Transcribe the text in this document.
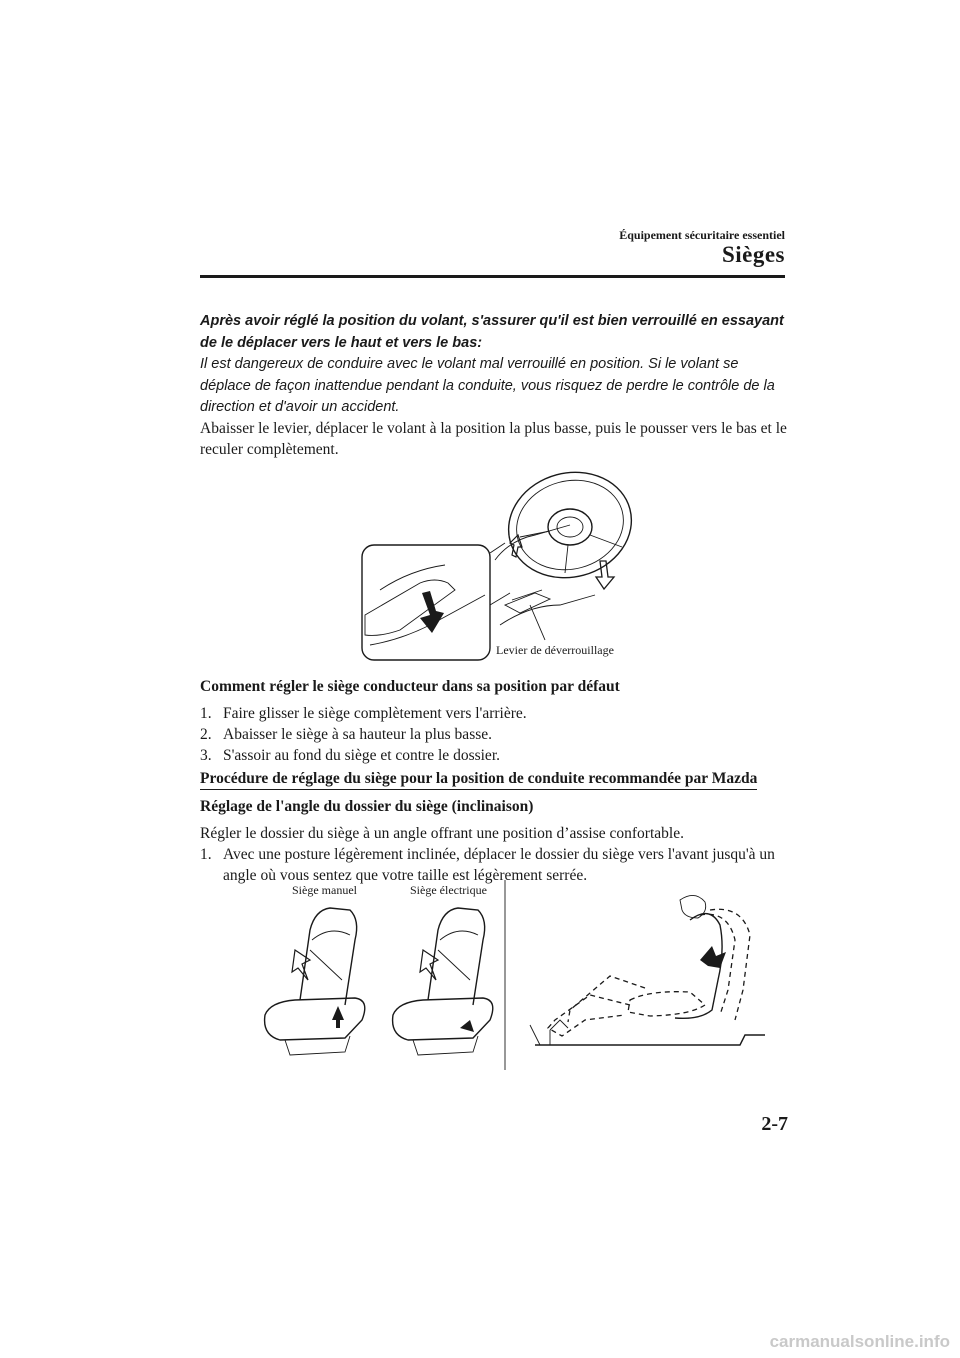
Équipement sécuritaire essentiel
Sièges
Après avoir réglé la position du volant, s'assurer qu'il est bien verrouillé en essayant de le déplacer vers le haut et vers le bas:
Il est dangereux de conduire avec le volant mal verrouillé en position. Si le volant se déplace de façon inattendue pendant la conduite, vous risquez de perdre le contrôle de la direction et d'avoir un accident.
Abaisser le levier, déplacer le volant à la position la plus basse, puis le pousser vers le bas et le reculer complètement.
Levier de déverrouillage
Comment régler le siège conducteur dans sa position par défaut
1. Faire glisser le siège complètement vers l'arrière.
2. Abaisser le siège à sa hauteur la plus basse.
3. S'assoir au fond du siège et contre le dossier.
Procédure de réglage du siège pour la position de conduite recommandée par Mazda
Réglage de l'angle du dossier du siège (inclinaison)
Régler le dossier du siège à un angle offrant une position d’assise confortable.
1. Avec une posture légèrement inclinée, déplacer le dossier du siège vers l'avant jusqu'à un angle où vous sentez que votre taille est légèrement serrée.
Siège manuel	Siège électrique
2-7
carmanualsonline.info
